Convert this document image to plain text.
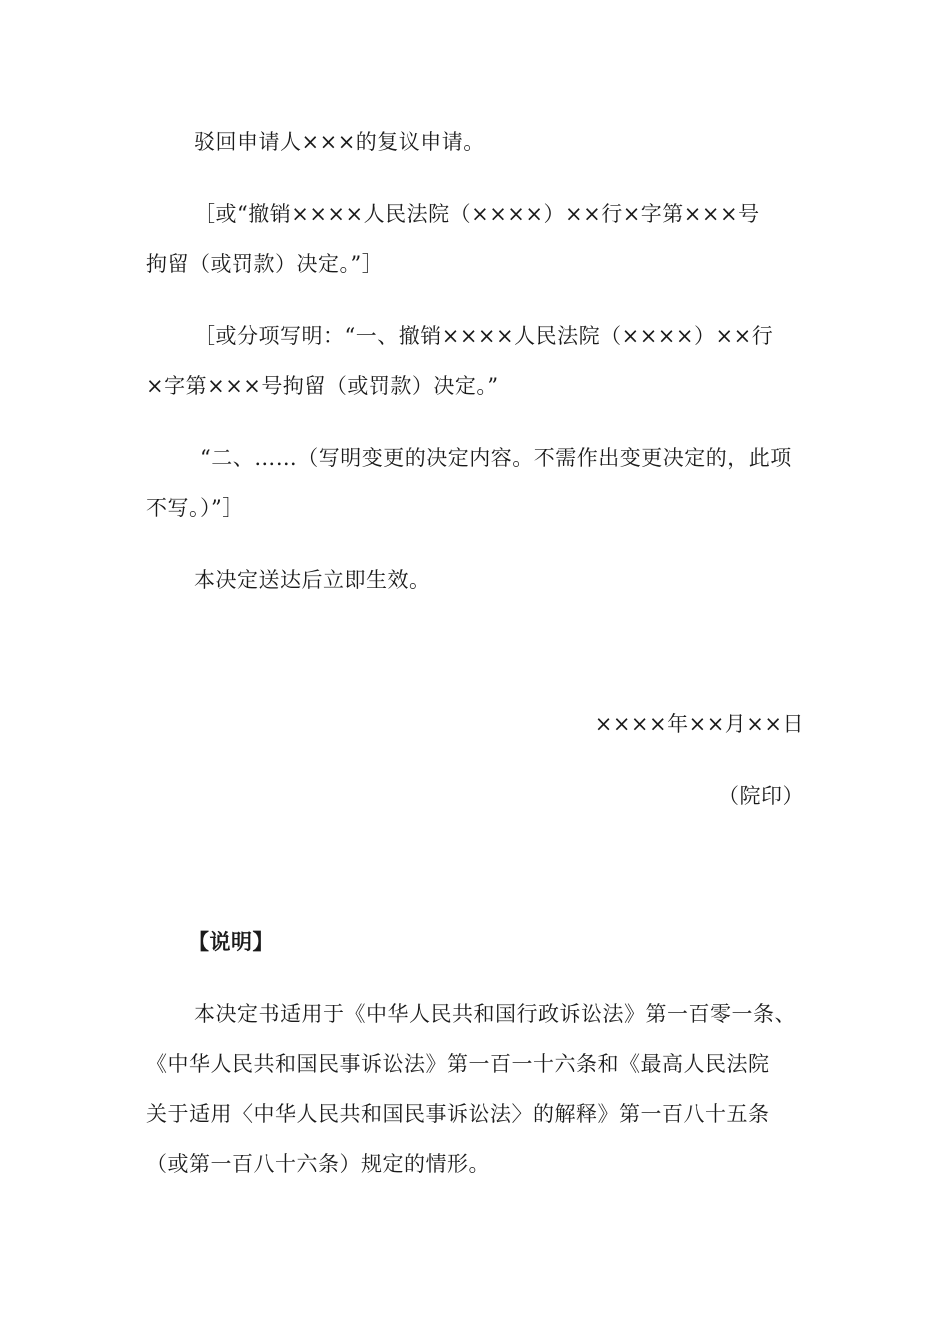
驳回申请人×××的复议申请。
［或“撤销××××人民法院（××××）××行×字第×××号
拘留（或罚款）决定。”］
［或分项写明：“一、撤销××××人民法院（××××）××行
×字第×××号拘留（或罚款）决定。”
“二、……（写明变更的决定内容。不需作出变更决定的，此项
不写。）”］
本决定送达后立即生效。
××××年××月××日
（院印）
【说明】
本决定书适用于《中华人民共和国行政诉讼法》第一百零一条、
《中华人民共和国民事诉讼法》第一百一十六条和《最高人民法院
关于适用〈中华人民共和国民事诉讼法〉的解释》第一百八十五条
（或第一百八十六条）规定的情形。
